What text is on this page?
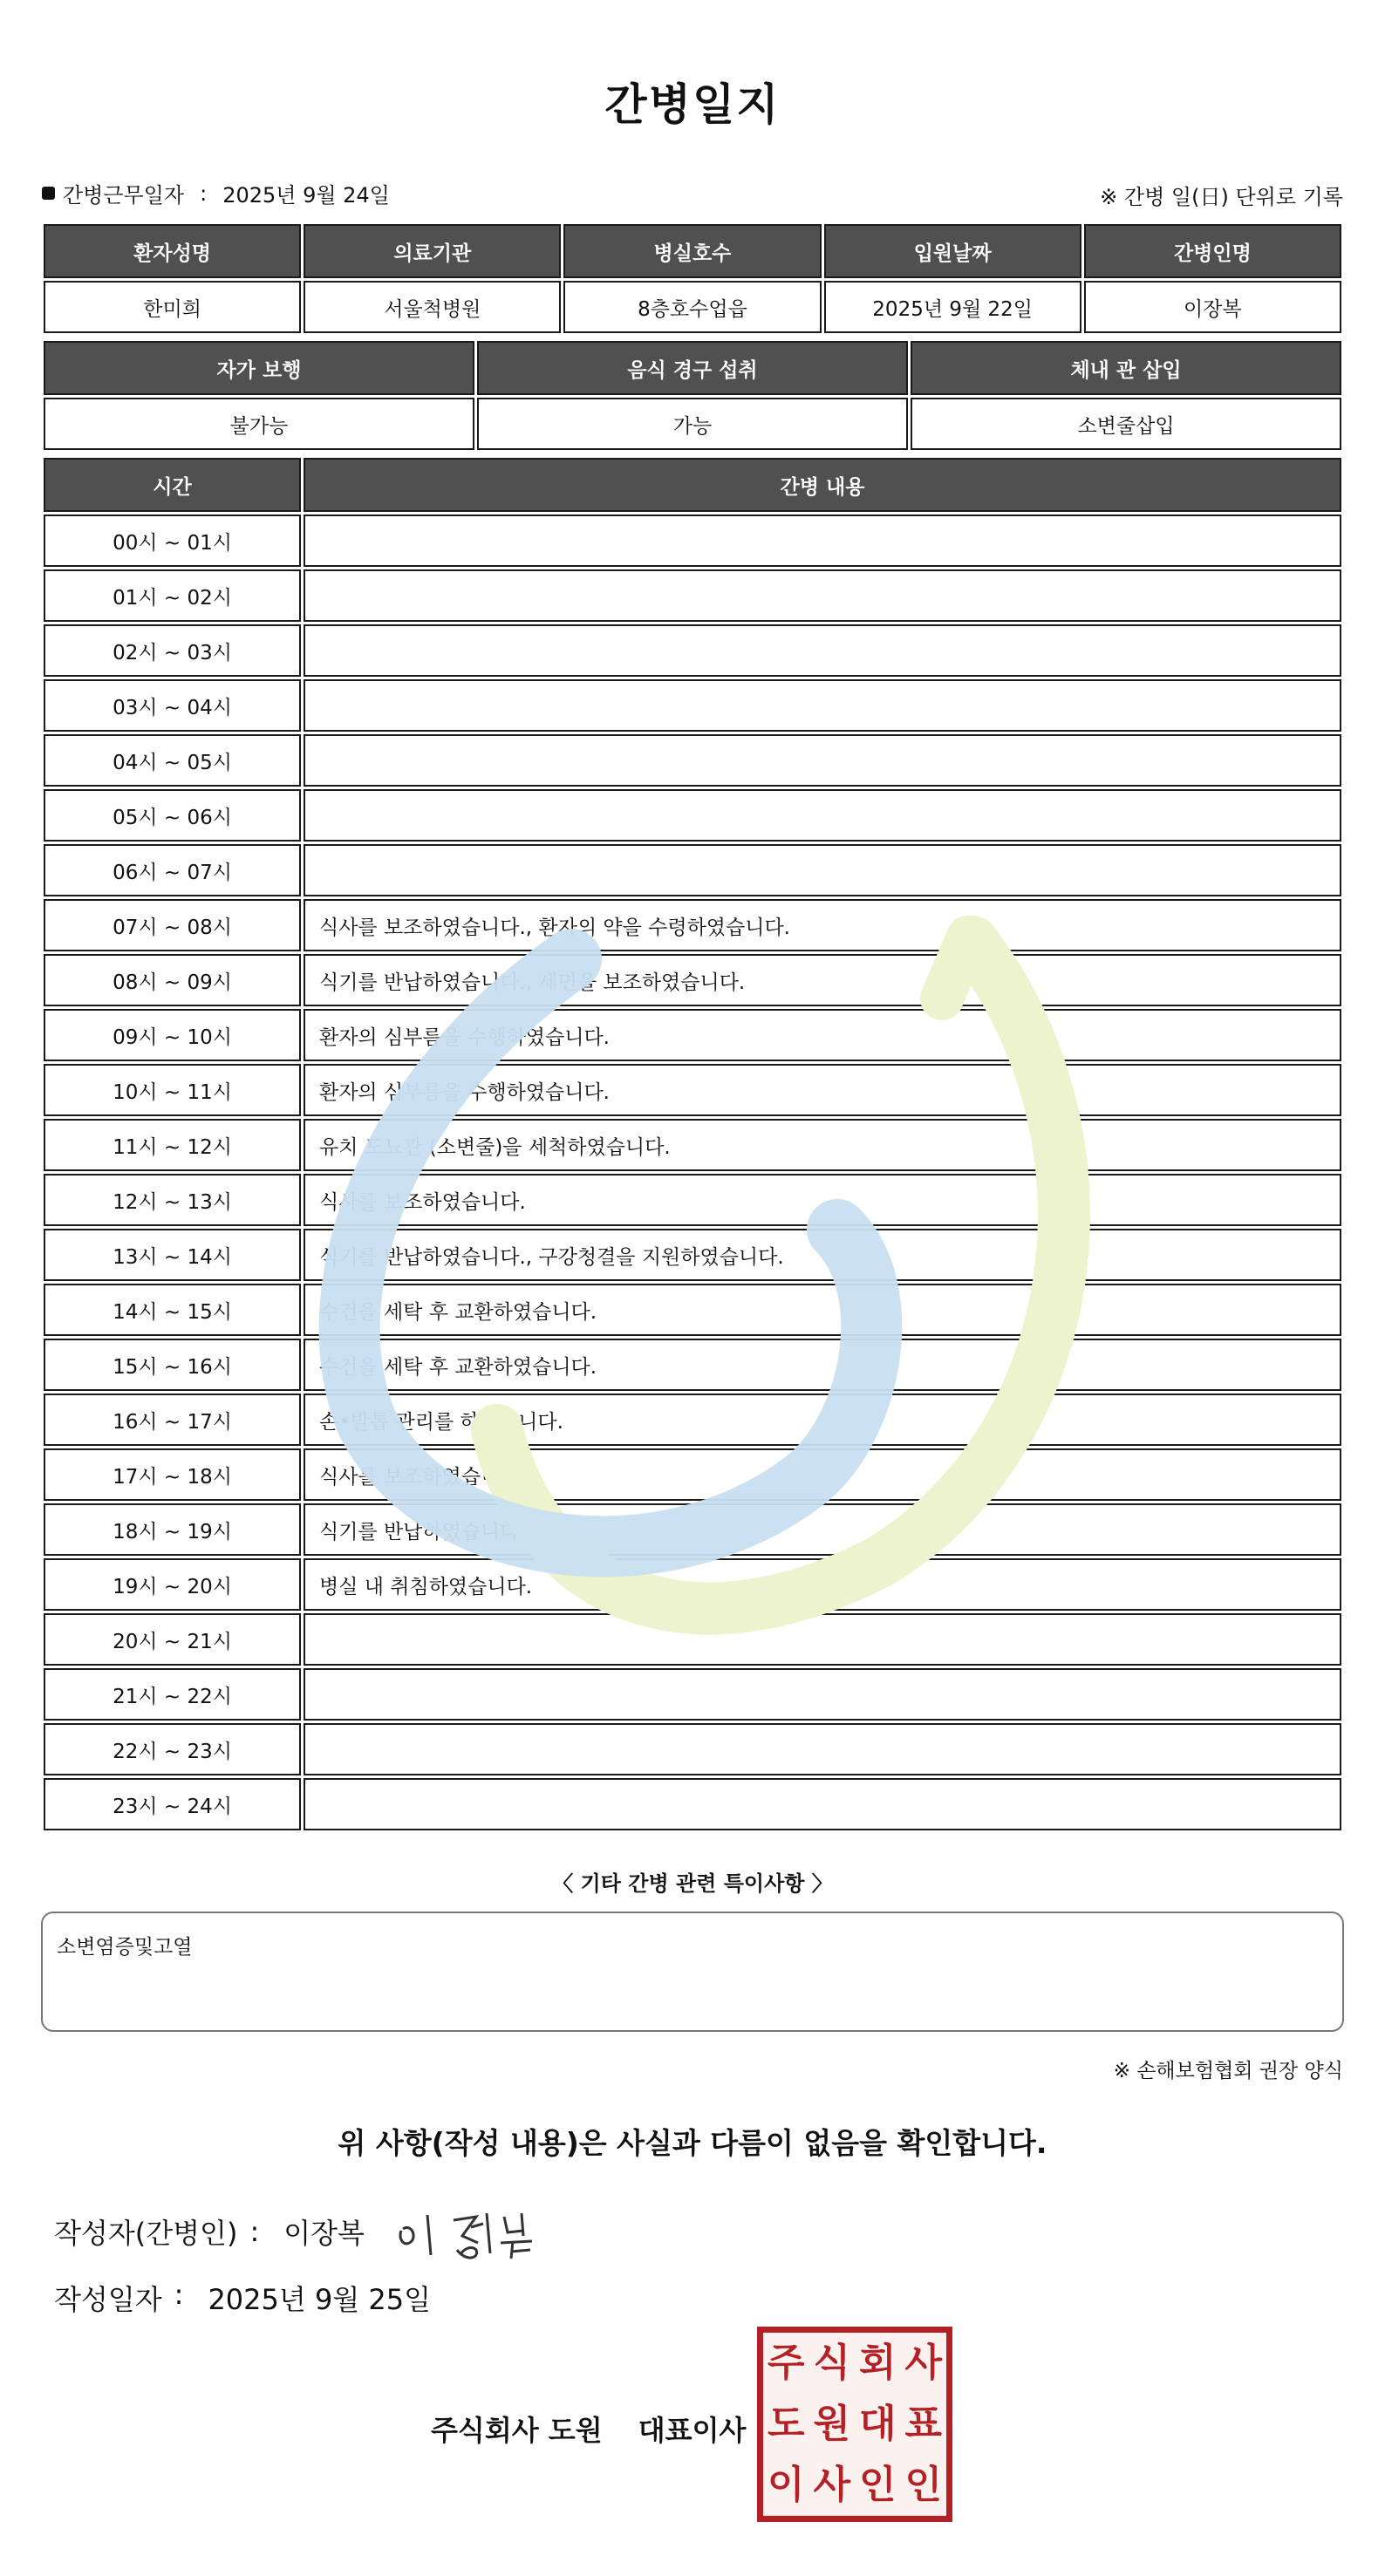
간병일지
간병근무일자 : 2025년 9월 24일	※ 간병 일(日) 단위로 기록
환자성명	의료기관	병실호수	입원날짜	간병인명
한미희	서울척병원	8층호수업읍	2025년 9월 22일	이장복
자가 보행	음식 경구 섭취	체내 관 삽입
불가능	가능	소변줄삽입
시간	간병 내용
00시 ~ 01시	
01시 ~ 02시	
02시 ~ 03시	
03시 ~ 04시	
04시 ~ 05시	
05시 ~ 06시	
06시 ~ 07시	
07시 ~ 08시	식사를 보조하였습니다., 환자의 약을 수령하였습니다.
08시 ~ 09시	식기를 반납하였습니다., 세면을 보조하였습니다.
09시 ~ 10시	환자의 심부름을 수행하였습니다.
10시 ~ 11시	환자의 심부름을 수행하였습니다.
11시 ~ 12시	유치 도뇨관 (소변줄)을 세척하였습니다.
12시 ~ 13시	식사를 보조하였습니다.
13시 ~ 14시	식기를 반납하였습니다., 구강청결을 지원하였습니다.
14시 ~ 15시	수건을 세탁 후 교환하였습니다.
15시 ~ 16시	수건을 세탁 후 교환하였습니다.
16시 ~ 17시	손•발톱 관리를 하였습니다.
17시 ~ 18시	식사를 보조하였습니다.
18시 ~ 19시	식기를 반납하였습니다.
19시 ~ 20시	병실 내 취침하였습니다.
20시 ~ 21시	
21시 ~ 22시	
22시 ~ 23시	
23시 ~ 24시	
〈 기타 간병 관련 특이사항 〉
소변염증및고열
※ 손해보험협회 권장 양식
위 사항(작성 내용)은 사실과 다름이 없음을 확인합니다.
작성자(간병인) : 이장복
작성일자 : 2025년 9월 25일
주식회사 도원 대표이사
주 식 회 사
도 원 대 표
이 사 인 인
